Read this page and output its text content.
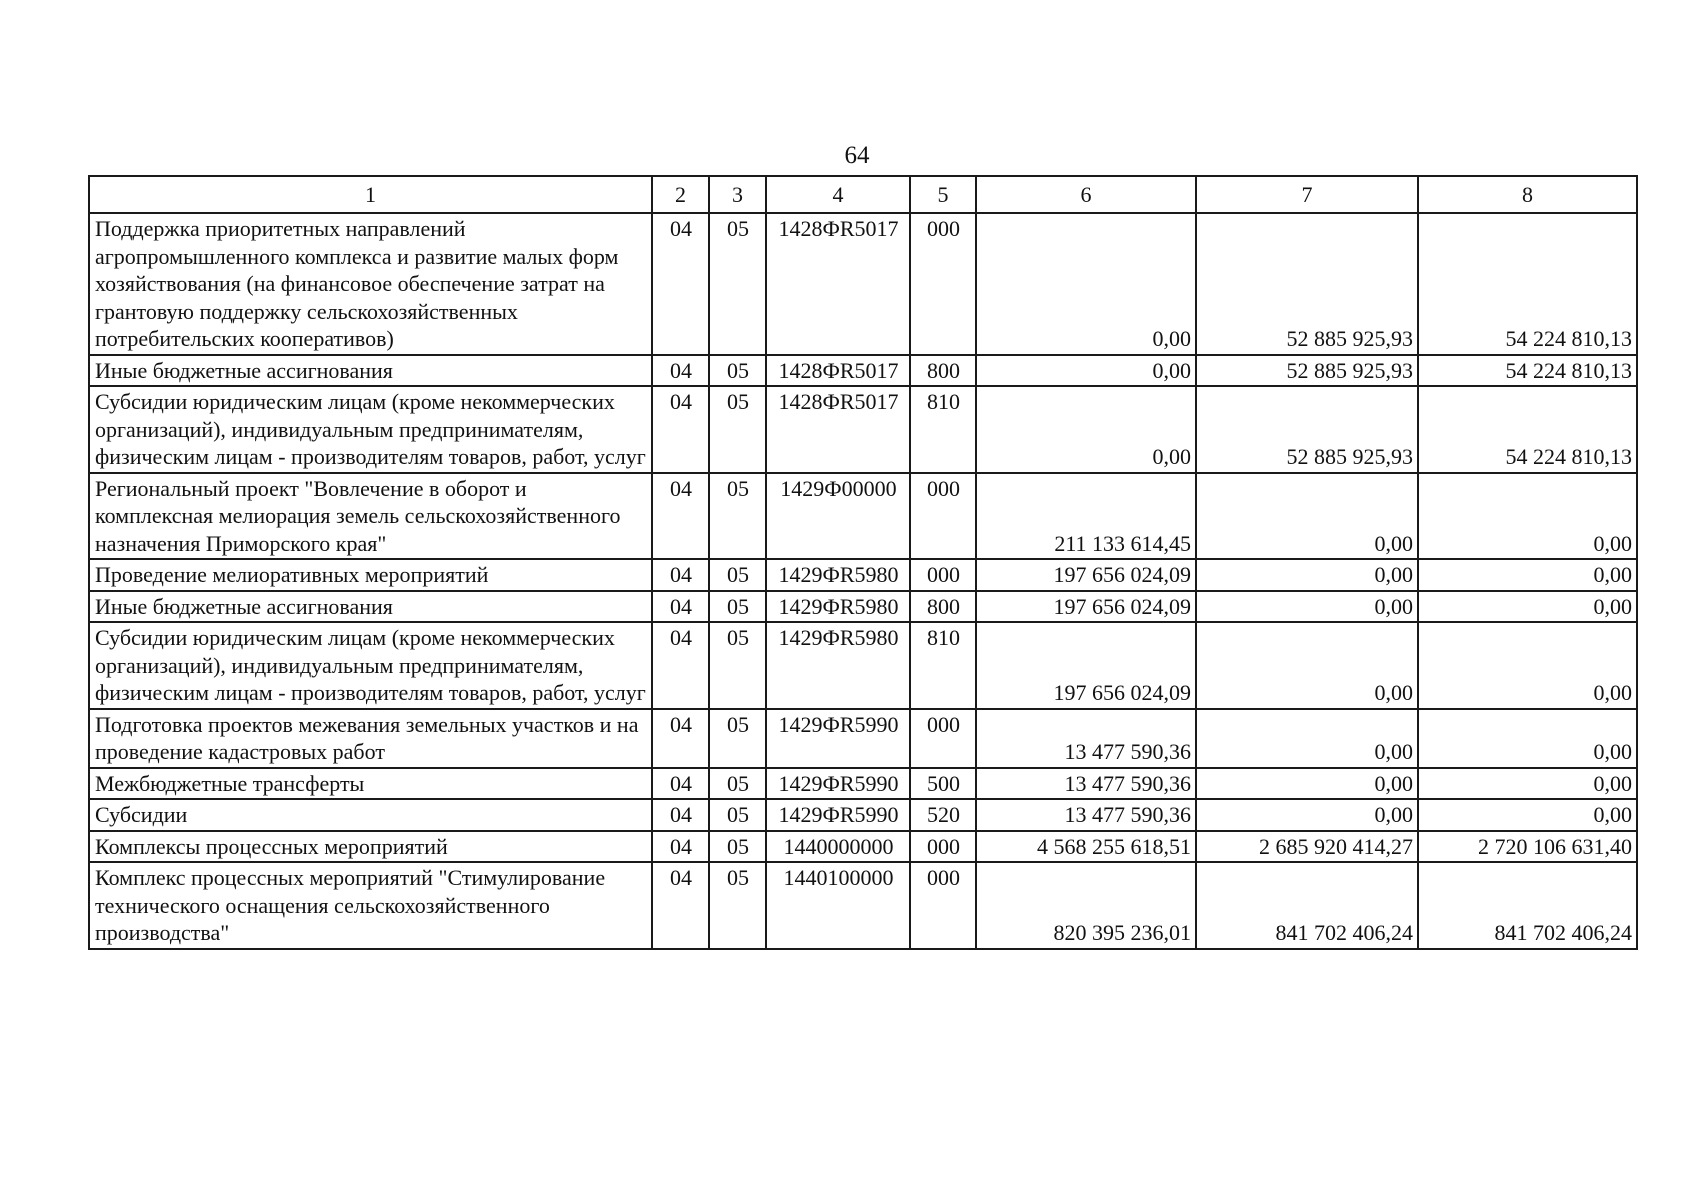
64
1	2	3	4	5	6	7	8
Поддержка приоритетных направлений агропромышленного комплекса и развитие малых форм хозяйствования (на финансовое обеспечение затрат на грантовую поддержку сельскохозяйственных потребительских кооперативов)	04	05	1428ФR5017	000	0,00	52 885 925,93	54 224 810,13
Иные бюджетные ассигнования	04	05	1428ФR5017	800	0,00	52 885 925,93	54 224 810,13
Субсидии юридическим лицам (кроме некоммерческих организаций), индивидуальным предпринимателям, физическим лицам - производителям товаров, работ, услуг	04	05	1428ФR5017	810	0,00	52 885 925,93	54 224 810,13
Региональный проект "Вовлечение в оборот и комплексная мелиорация земель сельскохозяйственного назначения Приморского края"	04	05	1429Ф00000	000	211 133 614,45	0,00	0,00
Проведение мелиоративных мероприятий	04	05	1429ФR5980	000	197 656 024,09	0,00	0,00
Иные бюджетные ассигнования	04	05	1429ФR5980	800	197 656 024,09	0,00	0,00
Субсидии юридическим лицам (кроме некоммерческих организаций), индивидуальным предпринимателям, физическим лицам - производителям товаров, работ, услуг	04	05	1429ФR5980	810	197 656 024,09	0,00	0,00
Подготовка проектов межевания земельных участков и на проведение кадастровых работ	04	05	1429ФR5990	000	13 477 590,36	0,00	0,00
Межбюджетные трансферты	04	05	1429ФR5990	500	13 477 590,36	0,00	0,00
Субсидии	04	05	1429ФR5990	520	13 477 590,36	0,00	0,00
Комплексы процессных мероприятий	04	05	1440000000	000	4 568 255 618,51	2 685 920 414,27	2 720 106 631,40
Комплекс процессных мероприятий "Стимулирование технического оснащения сельскохозяйственного производства"	04	05	1440100000	000	820 395 236,01	841 702 406,24	841 702 406,24
